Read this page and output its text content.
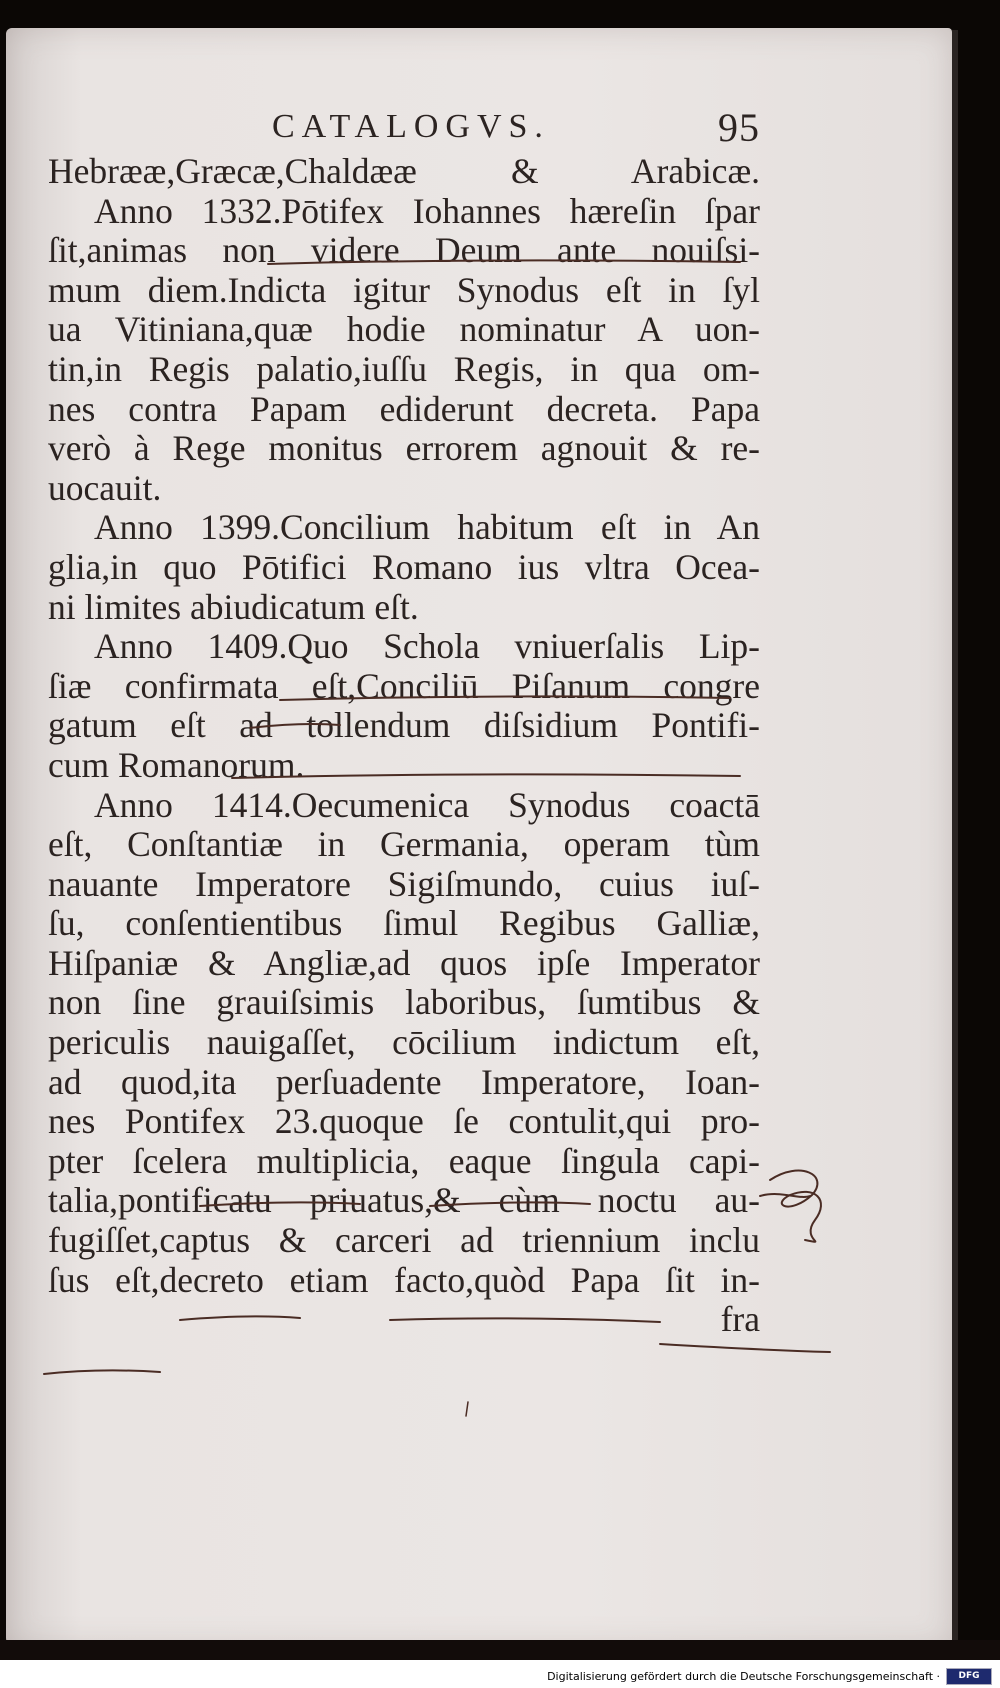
CATALOGVS.	95
Hebrææ,Græcæ,Chaldææ & Arabicæ.
Anno 1332.Pōtifex Iohannes hæreſin ſpar
ſit,animas non videre Deum ante nouiſsi-
mum diem.Indicta igitur Synodus eſt in ſyl
ua Vitiniana,quæ hodie nominatur A uon-
tin,in Regis palatio,iuſſu Regis, in qua om-
nes contra Papam ediderunt decreta. Papa
verò à Rege monitus errorem agnouit & re-
uocauit.
Anno 1399.Concilium habitum eſt in An
glia,in quo Pōtifici Romano ius vltra Ocea-
ni limites abiudicatum eſt.
Anno 1409.Quo Schola vniuerſalis Lip-
ſiæ confirmata eſt,Conciliū Piſanum congre
gatum eſt ad tollendum diſsidium Pontifi-
cum Romanorum.
Anno 1414.Oecumenica Synodus coactā
eſt, Conſtantiæ in Germania, operam tùm
nauante Imperatore Sigiſmundo, cuius iuſ-
ſu, conſentientibus ſimul Regibus Galliæ,
Hiſpaniæ & Angliæ,ad quos ipſe Imperator
non ſine grauiſsimis laboribus, ſumtibus &
periculis nauigaſſet, cōcilium indictum eſt,
ad quod,ita perſuadente Imperatore, Ioan-
nes Pontifex 23.quoque ſe contulit,qui pro-
pter ſcelera multiplicia, eaque ſingula capi-
talia,pontificatu priuatus,& cùm noctu au-
fugiſſet,captus & carceri ad triennium inclu
ſus eſt,decreto etiam facto,quòd Papa ſit in-
fra
Digitalisierung gefördert durch die Deutsche Forschungsgemeinschaft ·	DFG
